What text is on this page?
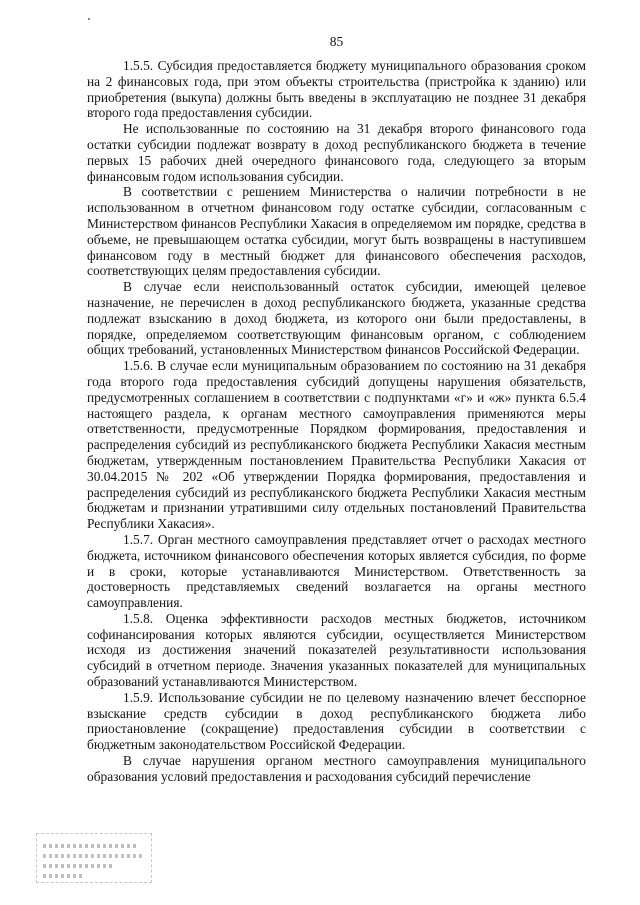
85

1.5.5. Субсидия предоставляется бюджету муниципального образования сроком на 2 финансовых года, при этом объекты строительства (пристройка к зданию) или приобретения (выкупа) должны быть введены в эксплуатацию не позднее 31 декабря второго года предоставления субсидии.

Не использованные по состоянию на 31 декабря второго финансового года остатки субсидии подлежат возврату в доход республиканского бюджета в течение первых 15 рабочих дней очередного финансового года, следующего за вторым финансовым годом использования субсидии.

В соответствии с решением Министерства о наличии потребности в не использованном в отчетном финансовом году остатке субсидии, согласованным с Министерством финансов Республики Хакасия в определяемом им порядке, средства в объеме, не превышающем остатка субсидии, могут быть возвращены в наступившем финансовом году в местный бюджет для финансового обеспечения расходов, соответствующих целям предоставления субсидии.

В случае если неиспользованный остаток субсидии, имеющей целевое назначение, не перечислен в доход республиканского бюджета, указанные средства подлежат взысканию в доход бюджета, из которого они были предоставлены, в порядке, определяемом соответствующим финансовым органом, с соблюдением общих требований, установленных Министерством финансов Российской Федерации.

1.5.6. В случае если муниципальным образованием по состоянию на 31 декабря года второго года предоставления субсидий допущены нарушения обязательств, предусмотренных соглашением в соответствии с подпунктами «г» и «ж» пункта 6.5.4 настоящего раздела, к органам местного самоуправления применяются меры ответственности, предусмотренные Порядком формирования, предоставления и распределения субсидий из республиканского бюджета Республики Хакасия местным бюджетам, утвержденным постановлением Правительства Республики Хакасия от 30.04.2015 № 202 «Об утверждении Порядка формирования, предоставления и распределения субсидий из республиканского бюджета Республики Хакасия местным бюджетам и признании утратившими силу отдельных постановлений Правительства Республики Хакасия».

1.5.7. Орган местного самоуправления представляет отчет о расходах местного бюджета, источником финансового обеспечения которых является субсидия, по форме и в сроки, которые устанавливаются Министерством. Ответственность за достоверность представляемых сведений возлагается на органы местного самоуправления.

1.5.8. Оценка эффективности расходов местных бюджетов, источником софинансирования которых являются субсидии, осуществляется Министерством исходя из достижения значений показателей результативности использования субсидий в отчетном периоде. Значения указанных показателей для муниципальных образований устанавливаются Министерством.

1.5.9. Использование субсидии не по целевому назначению влечет бесспорное взыскание средств субсидии в доход республиканского бюджета либо приостановление (сокращение) предоставления субсидии в соответствии с бюджетным законодательством Российской Федерации.

В случае нарушения органом местного самоуправления муниципального образования условий предоставления и расходования субсидий перечисление
